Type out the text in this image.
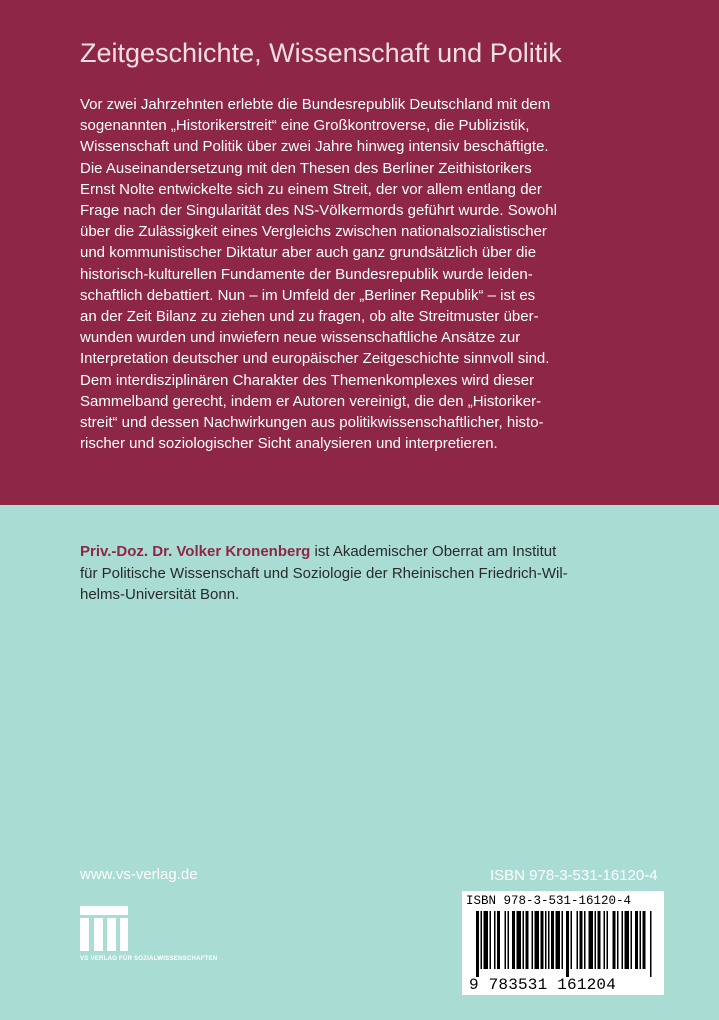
Zeitgeschichte, Wissenschaft und Politik
Vor zwei Jahrzehnten erlebte die Bundesrepublik Deutschland mit dem
sogenannten „Historikerstreit“ eine Großkontroverse, die Publizistik,
Wissenschaft und Politik über zwei Jahre hinweg intensiv beschäftigte.
Die Auseinandersetzung mit den Thesen des Berliner Zeithistorikers
Ernst Nolte entwickelte sich zu einem Streit, der vor allem entlang der
Frage nach der Singularität des NS-Völkermords geführt wurde. Sowohl
über die Zulässigkeit eines Vergleichs zwischen nationalsozialistischer
und kommunistischer Diktatur aber auch ganz grundsätzlich über die
historisch-kulturellen Fundamente der Bundesrepublik wurde leiden-
schaftlich debattiert. Nun – im Umfeld der „Berliner Republik“ – ist es
an der Zeit Bilanz zu ziehen und zu fragen, ob alte Streitmuster über-
wunden wurden und inwiefern neue wissenschaftliche Ansätze zur
Interpretation deutscher und europäischer Zeitgeschichte sinnvoll sind.
Dem interdisziplinären Charakter des Themenkomplexes wird dieser
Sammelband gerecht, indem er Autoren vereinigt, die den „Historiker-
streit“ und dessen Nachwirkungen aus politikwissenschaftlicher, histo-
rischer und soziologischer Sicht analysieren und interpretieren.
Priv.-Doz. Dr. Volker Kronenberg ist Akademischer Oberrat am Institut
für Politische Wissenschaft und Soziologie der Rheinischen Friedrich-Wil-
helms-Universität Bonn.
www.vs-verlag.de
VS VERLAG FÜR SOZIALWISSENSCHAFTEN
ISBN 978-3-531-16120-4
ISBN 978-3-531-16120-4
9 783531 161204
